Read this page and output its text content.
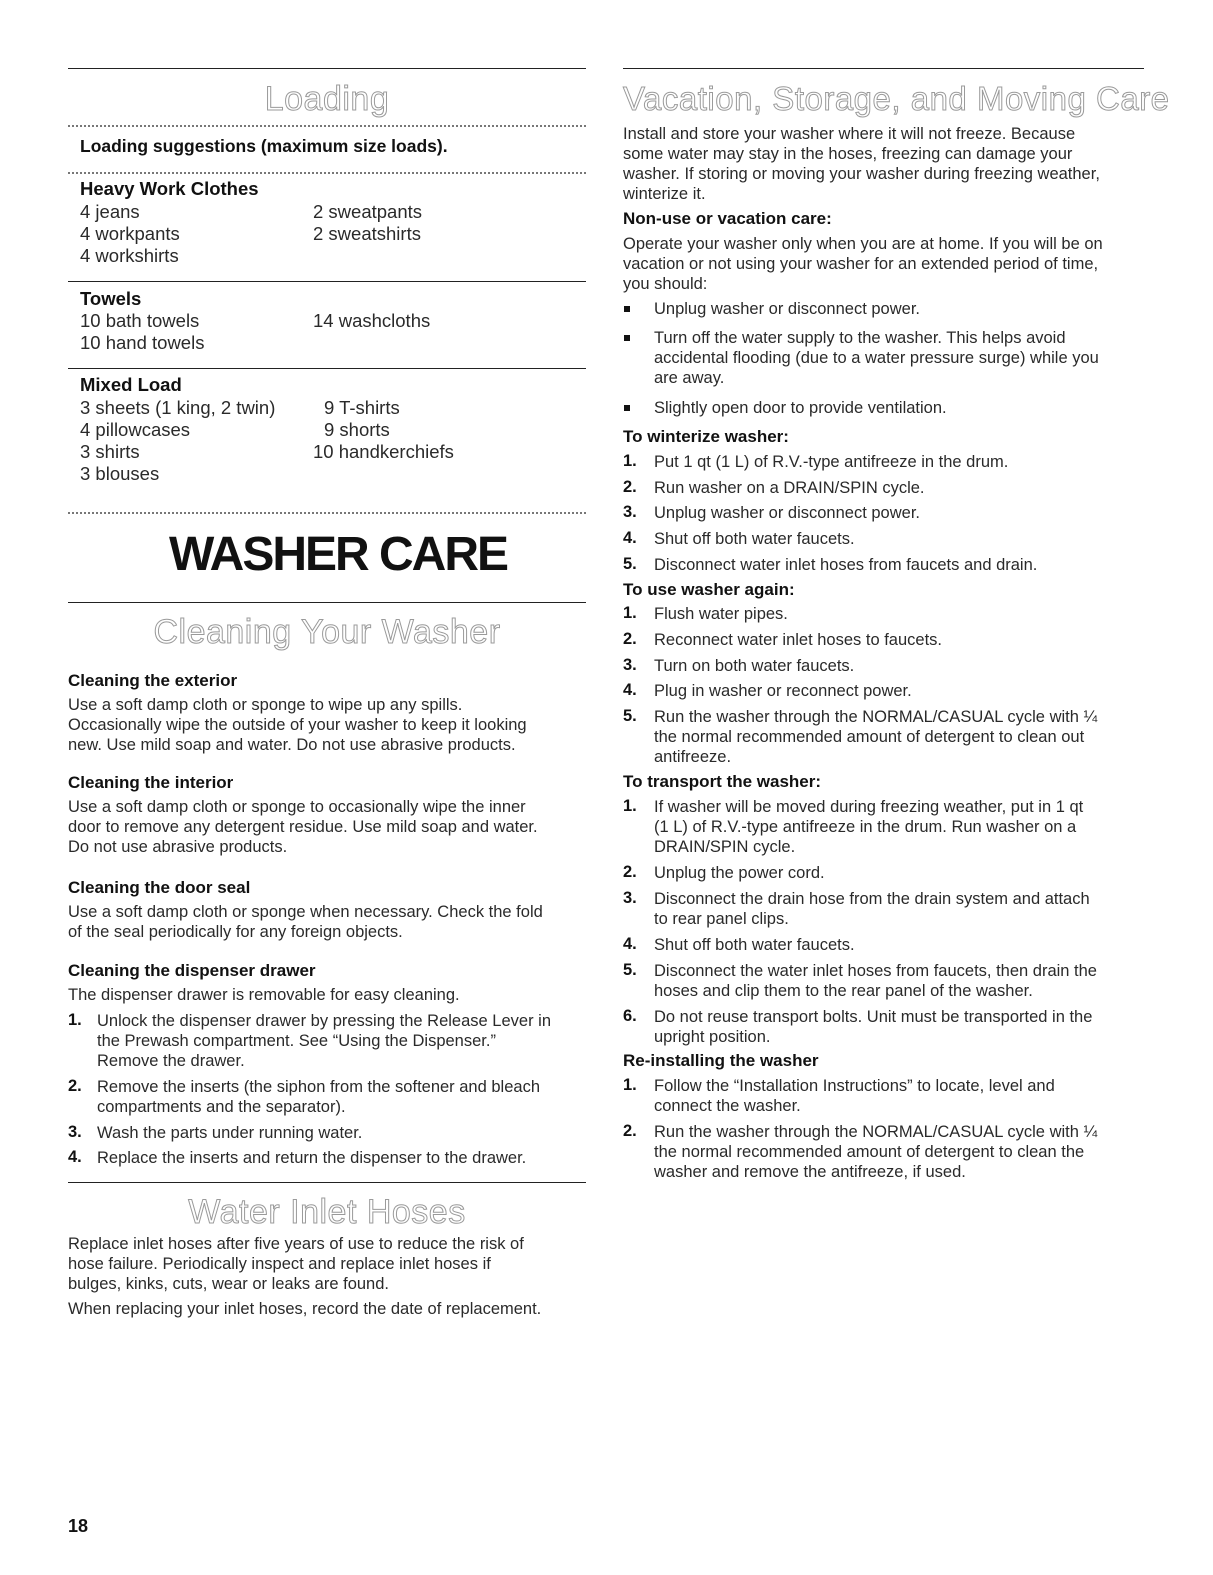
Loading
Loading suggestions (maximum size loads).
Heavy Work Clothes
4 jeans
4 workpants
4 workshirts
2 sweatpants
2 sweatshirts
Towels
10 bath towels
10 hand towels
14 washcloths
Mixed Load
3 sheets (1 king, 2 twin)
4 pillowcases
3 shirts
3 blouses
9 T-shirts
9 shorts
10 handkerchiefs
WASHER CARE
Cleaning Your Washer
Cleaning the exterior
Use a soft damp cloth or sponge to wipe up any spills.
Occasionally wipe the outside of your washer to keep it looking
new. Use mild soap and water. Do not use abrasive products.
Cleaning the interior
Use a soft damp cloth or sponge to occasionally wipe the inner
door to remove any detergent residue. Use mild soap and water.
Do not use abrasive products.
Cleaning the door seal
Use a soft damp cloth or sponge when necessary. Check the fold
of the seal periodically for any foreign objects.
Cleaning the dispenser drawer
The dispenser drawer is removable for easy cleaning.
1. Unlock the dispenser drawer by pressing the Release Lever in
the Prewash compartment. See “Using the Dispenser.”
Remove the drawer.
2. Remove the inserts (the siphon from the softener and bleach
compartments and the separator).
3. Wash the parts under running water.
4. Replace the inserts and return the dispenser to the drawer.
Water Inlet Hoses
Replace inlet hoses after five years of use to reduce the risk of
hose failure. Periodically inspect and replace inlet hoses if
bulges, kinks, cuts, wear or leaks are found.
When replacing your inlet hoses, record the date of replacement.
18
Vacation, Storage, and Moving Care
Install and store your washer where it will not freeze. Because
some water may stay in the hoses, freezing can damage your
washer. If storing or moving your washer during freezing weather,
winterize it.
Non-use or vacation care:
Operate your washer only when you are at home. If you will be on
vacation or not using your washer for an extended period of time,
you should:
Unplug washer or disconnect power.
Turn off the water supply to the washer. This helps avoid
accidental flooding (due to a water pressure surge) while you
are away.
Slightly open door to provide ventilation.
To winterize washer:
1. Put 1 qt (1 L) of R.V.-type antifreeze in the drum.
2. Run washer on a DRAIN/SPIN cycle.
3. Unplug washer or disconnect power.
4. Shut off both water faucets.
5. Disconnect water inlet hoses from faucets and drain.
To use washer again:
1. Flush water pipes.
2. Reconnect water inlet hoses to faucets.
3. Turn on both water faucets.
4. Plug in washer or reconnect power.
5. Run the washer through the NORMAL/CASUAL cycle with ¼
the normal recommended amount of detergent to clean out
antifreeze.
To transport the washer:
1. If washer will be moved during freezing weather, put in 1 qt
(1 L) of R.V.-type antifreeze in the drum. Run washer on a
DRAIN/SPIN cycle.
2. Unplug the power cord.
3. Disconnect the drain hose from the drain system and attach
to rear panel clips.
4. Shut off both water faucets.
5. Disconnect the water inlet hoses from faucets, then drain the
hoses and clip them to the rear panel of the washer.
6. Do not reuse transport bolts. Unit must be transported in the
upright position.
Re-installing the washer
1. Follow the “Installation Instructions” to locate, level and
connect the washer.
2. Run the washer through the NORMAL/CASUAL cycle with ¼
the normal recommended amount of detergent to clean the
washer and remove the antifreeze, if used.
